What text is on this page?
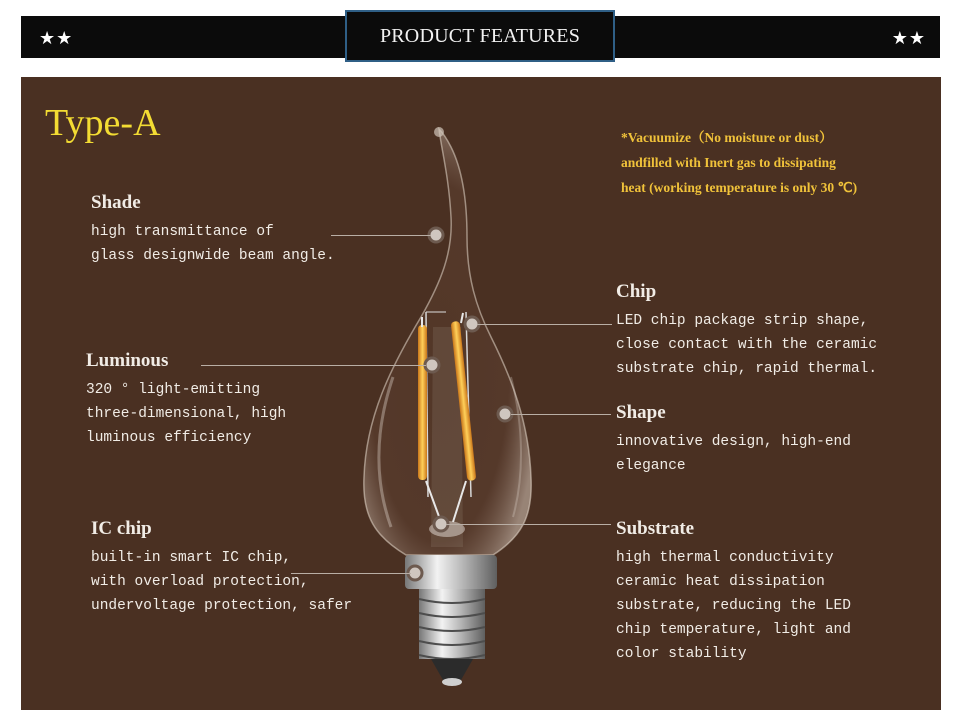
★★	★★
PRODUCT FEATURES
Type-A	*Vacuumize（No moisture or dust）
andfilled with Inert gas to dissipating
heat (working temperature is only 30 ℃)
Shade
high transmittance of
glass designwide beam angle.
Luminous
320 ° light-emitting
three-dimensional, high
luminous efficiency
IC chip
built-in smart IC chip,
with overload protection,
undervoltage protection, safer
Chip
LED chip package strip shape,
close contact with the ceramic
substrate chip, rapid thermal.
Shape
innovative design, high-end
elegance
Substrate
high thermal conductivity
ceramic heat dissipation
substrate, reducing the LED
chip temperature, light and
color stability
